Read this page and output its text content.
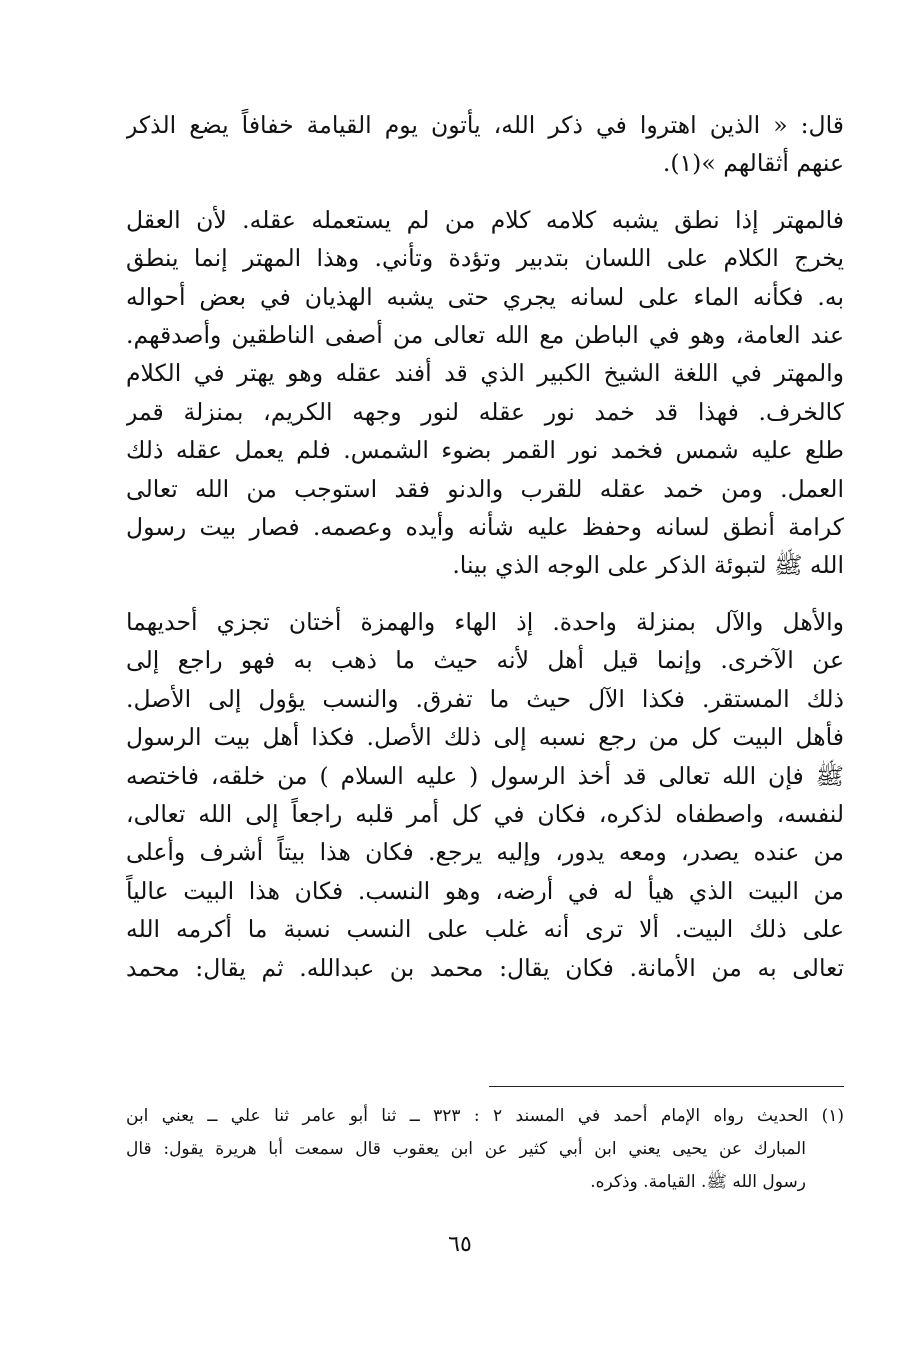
قال: « الذين اهتروا في ذكر الله، يأتون يوم القيامة خفافاً يضع الذكر
عنهم أثقالهم »(١).

فالمهتر إذا نطق يشبه كلامه كلام من لم يستعمله عقله. لأن العقل
يخرج الكلام على اللسان بتدبير وتؤدة وتأني. وهذا المهتر إنما ينطق
به. فكأنه الماء على لسانه يجري حتى يشبه الهذيان في بعض أحواله
عند العامة، وهو في الباطن مع الله تعالى من أصفى الناطقين وأصدقهم.
والمهتر في اللغة الشيخ الكبير الذي قد أفند عقله وهو يهتر في الكلام
كالخرف. فهذا قد خمد نور عقله لنور وجهه الكريم، بمنزلة قمر
طلع عليه شمس فخمد نور القمر بضوء الشمس. فلم يعمل عقله ذلك
العمل. ومن خمد عقله للقرب والدنو فقد استوجب من الله تعالى
كرامة أنطق لسانه وحفظ عليه شأنه وأيده وعصمه. فصار بيت رسول
الله ﷺ لتبوئة الذكر على الوجه الذي بينا.

والأهل والآل بمنزلة واحدة. إذ الهاء والهمزة أختان تجزي أحديهما
عن الآخرى. وإنما قيل أهل لأنه حيث ما ذهب به فهو راجع إلى
ذلك المستقر. فكذا الآل حيث ما تفرق. والنسب يؤول إلى الأصل.
فأهل البيت كل من رجع نسبه إلى ذلك الأصل. فكذا أهل بيت الرسول
ﷺ فإن الله تعالى قد أخذ الرسول ( عليه السلام ) من خلقه، فاختصه
لنفسه، واصطفاه لذكره، فكان في كل أمر قلبه راجعاً إلى الله تعالى،
من عنده يصدر، ومعه يدور، وإليه يرجع. فكان هذا بيتاً أشرف وأعلى
من البيت الذي هيأ له في أرضه، وهو النسب. فكان هذا البيت عالياً
على ذلك البيت. ألا ترى أنه غلب على النسب نسبة ما أكرمه الله
تعالى به من الأمانة. فكان يقال: محمد بن عبدالله. ثم يقال: محمد

(١) الحديث رواه الإمام أحمد في المسند ٢ : ٣٢٣ ــ ثنا أبو عامر ثنا علي ــ يعني ابن
المبارك عن يحيى يعني ابن أبي كثير عن ابن يعقوب قال سمعت أبا هريرة يقول: قال
رسول الله ﷺ. القيامة. وذكره.
٦٥
